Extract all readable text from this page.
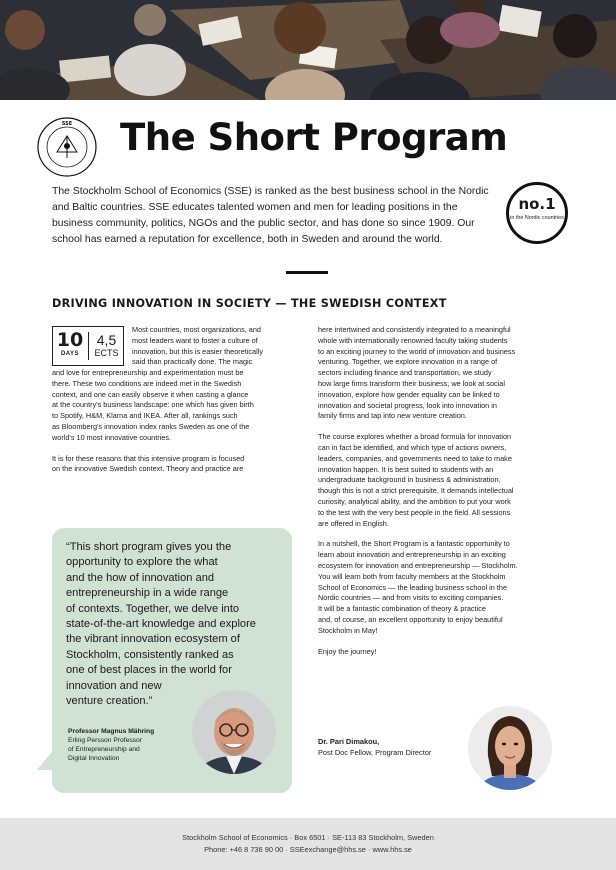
SSE The Short Program
The Stockholm School of Economics (SSE) is ranked as the best business school in the Nordic and Baltic countries. SSE educates talented women and men for leading positions in the business community, politics, NGOs and the public sector, and has done so since 1909. Our school has earned a reputation for excellence, both in Sweden and around the world.
no.1
in the Nordic countries
DRIVING INNOVATION IN SOCIETY — THE SWEDISH CONTEXT
10
DAYS
4,5
ECTS

Most countries, most organizations, and

most leaders want to foster a culture of

innovation, but this is easier theoretically

said than practically done. The magic

and love for entrepreneurship and experimentation must be

there. These two conditions are indeed met in the Swedish

context, and one can easily observe it when casting a glance

at the country's business landscape: one which has given birth

to Spotify, H&M, Klarna and IKEA. After all, rankings such

as Bloomberg's innovation index ranks Sweden as one of the

world's 10 most innovative countries.

It is for these reasons that this intensive program is focused

on the innovative Swedish context. Theory and practice are

“This short program gives you the
opportunity to explore the what
and the how of innovation and
entrepreneurship in a wide range
of contexts. Together, we delve into
state-of-the-art knowledge and explore
the vibrant innovation ecosystem of
Stockholm, consistently ranked as
one of best places in the world for
innovation and new
venture creation.”
Professor Magnus Mähring
Erling Persson Professor
of Entrepreneurship and
Digital Innovation

here intertwined and consistently integrated to a meaningful

whole with internationally renowned faculty taking students

to an exciting journey to the world of innovation and business

venturing. Together, we explore innovation in a range of

sectors including finance and transportation, we study

how large firms transform their business, we look at social

innovation, explore how gender equality can be linked to

innovation and societal progress, look into innovation in

family firms and tap into new venture creation.

The course explores whether a broad formula for innovation

can in fact be identified, and which type of actions owners,

leaders, companies, and governments need to take to make

innovation happen. It is best suited to students with an

undergraduate background in business & administration,

though this is not a strict prerequisite. It demands intellectual

curiosity, analytical ability, and the ambition to put your work

to the test with the very best people in the field. All sessions

are offered in English.

In a nutshell, the Short Program is a fantastic opportunity to

learn about innovation and entrepreneurship in an exciting

ecosystem for innovation and entrepreneurship — Stockholm.

You will learn both from faculty members at the Stockholm

School of Economics — the leading business school in the

Nordic countries — and from visits to exciting companies.

It will be a fantastic combination of theory & practice

and, of course, an excellent opportunity to enjoy beautiful

Stockholm in May!

Enjoy the journey!

Dr. Pari Dimakou,
Post Doc Fellow, Program Director
Stockholm School of Economics · Box 6501 · SE-113 83 Stockholm, Sweden
Phone: +46 8 736 90 00 · SSEexchange@hhs.se · www.hhs.se
